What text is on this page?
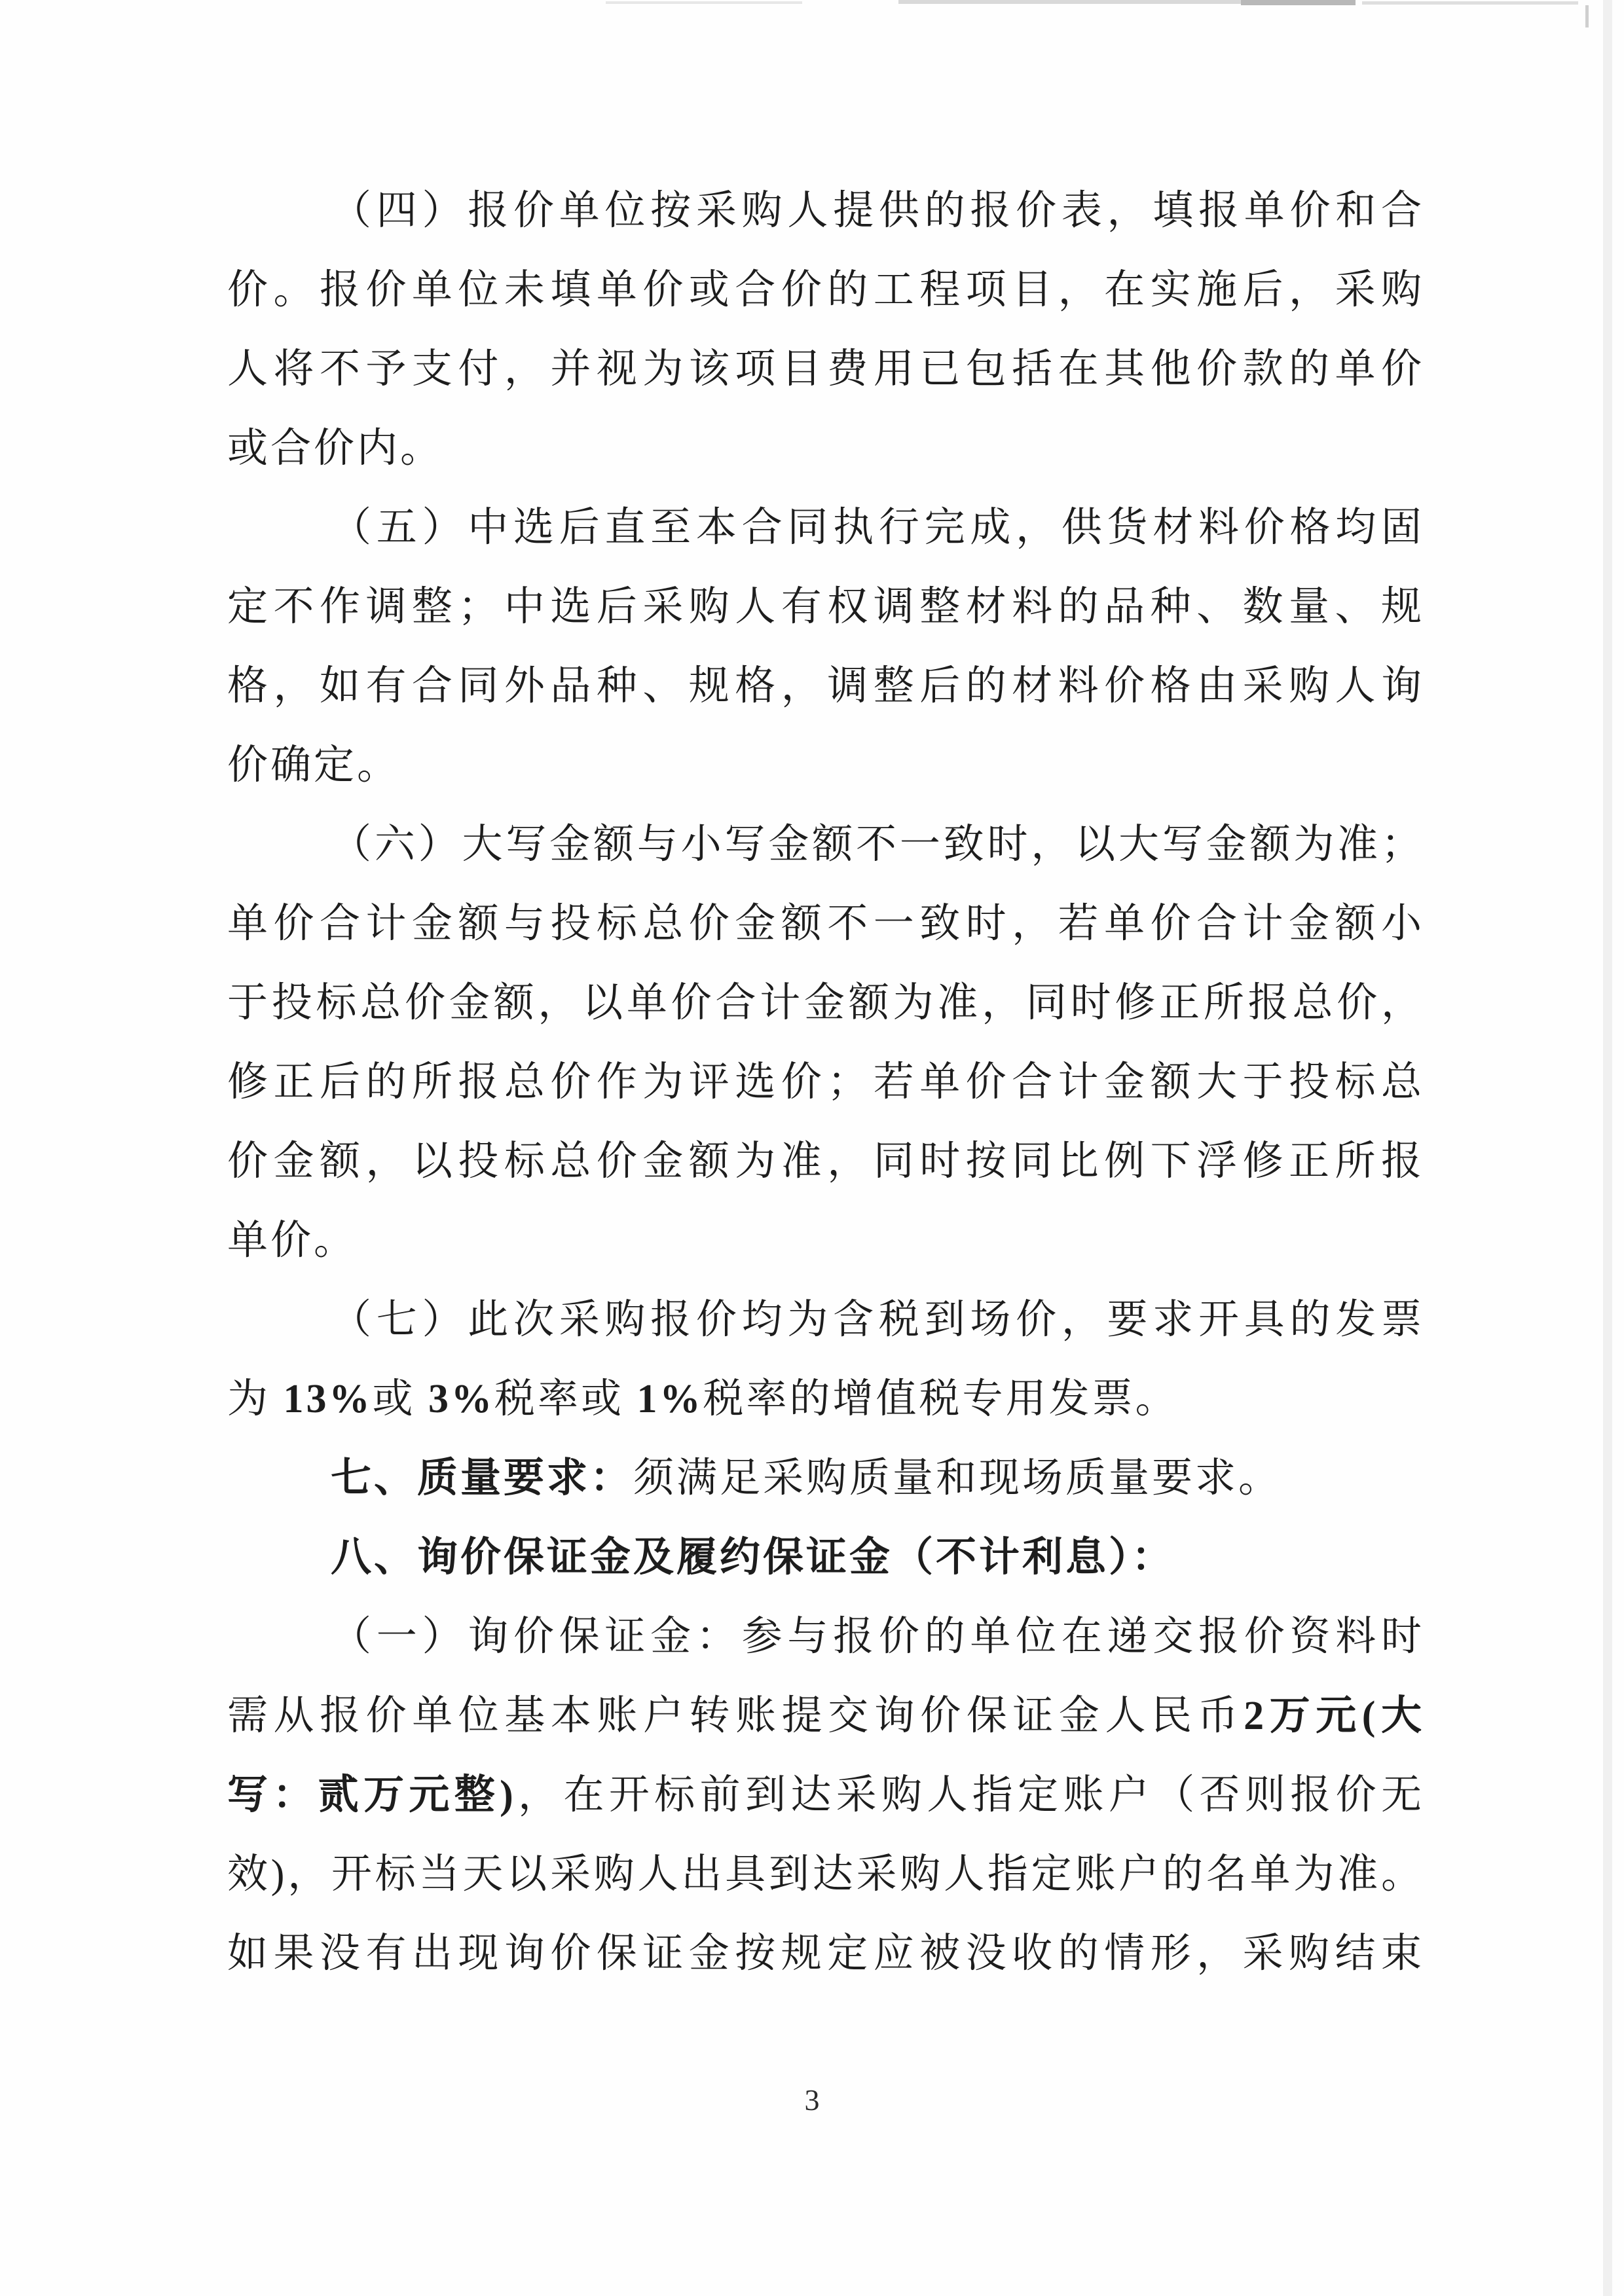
（四）报价单位按采购人提供的报价表，填报单价和合
价。报价单位未填单价或合价的工程项目，在实施后，采购
人将不予支付，并视为该项目费用已包括在其他价款的单价
或合价内。
（五）中选后直至本合同执行完成，供货材料价格均固
定不作调整；中选后采购人有权调整材料的品种、数量、规
格，如有合同外品种、规格，调整后的材料价格由采购人询
价确定。
（六）大写金额与小写金额不一致时，以大写金额为准；
单价合计金额与投标总价金额不一致时，若单价合计金额小
于投标总价金额，以单价合计金额为准，同时修正所报总价，
修正后的所报总价作为评选价；若单价合计金额大于投标总
价金额，以投标总价金额为准，同时按同比例下浮修正所报
单价。
（七）此次采购报价均为含税到场价，要求开具的发票
为 13%或 3%税率或 1%税率的增值税专用发票。
七、质量要求：须满足采购质量和现场质量要求。
八、询价保证金及履约保证金（不计利息）：
（一）询价保证金：参与报价的单位在递交报价资料时
需从报价单位基本账户转账提交询价保证金人民币2万元(大
写：贰万元整)，在开标前到达采购人指定账户（否则报价无
效)，开标当天以采购人出具到达采购人指定账户的名单为准。
如果没有出现询价保证金按规定应被没收的情形，采购结束
3
